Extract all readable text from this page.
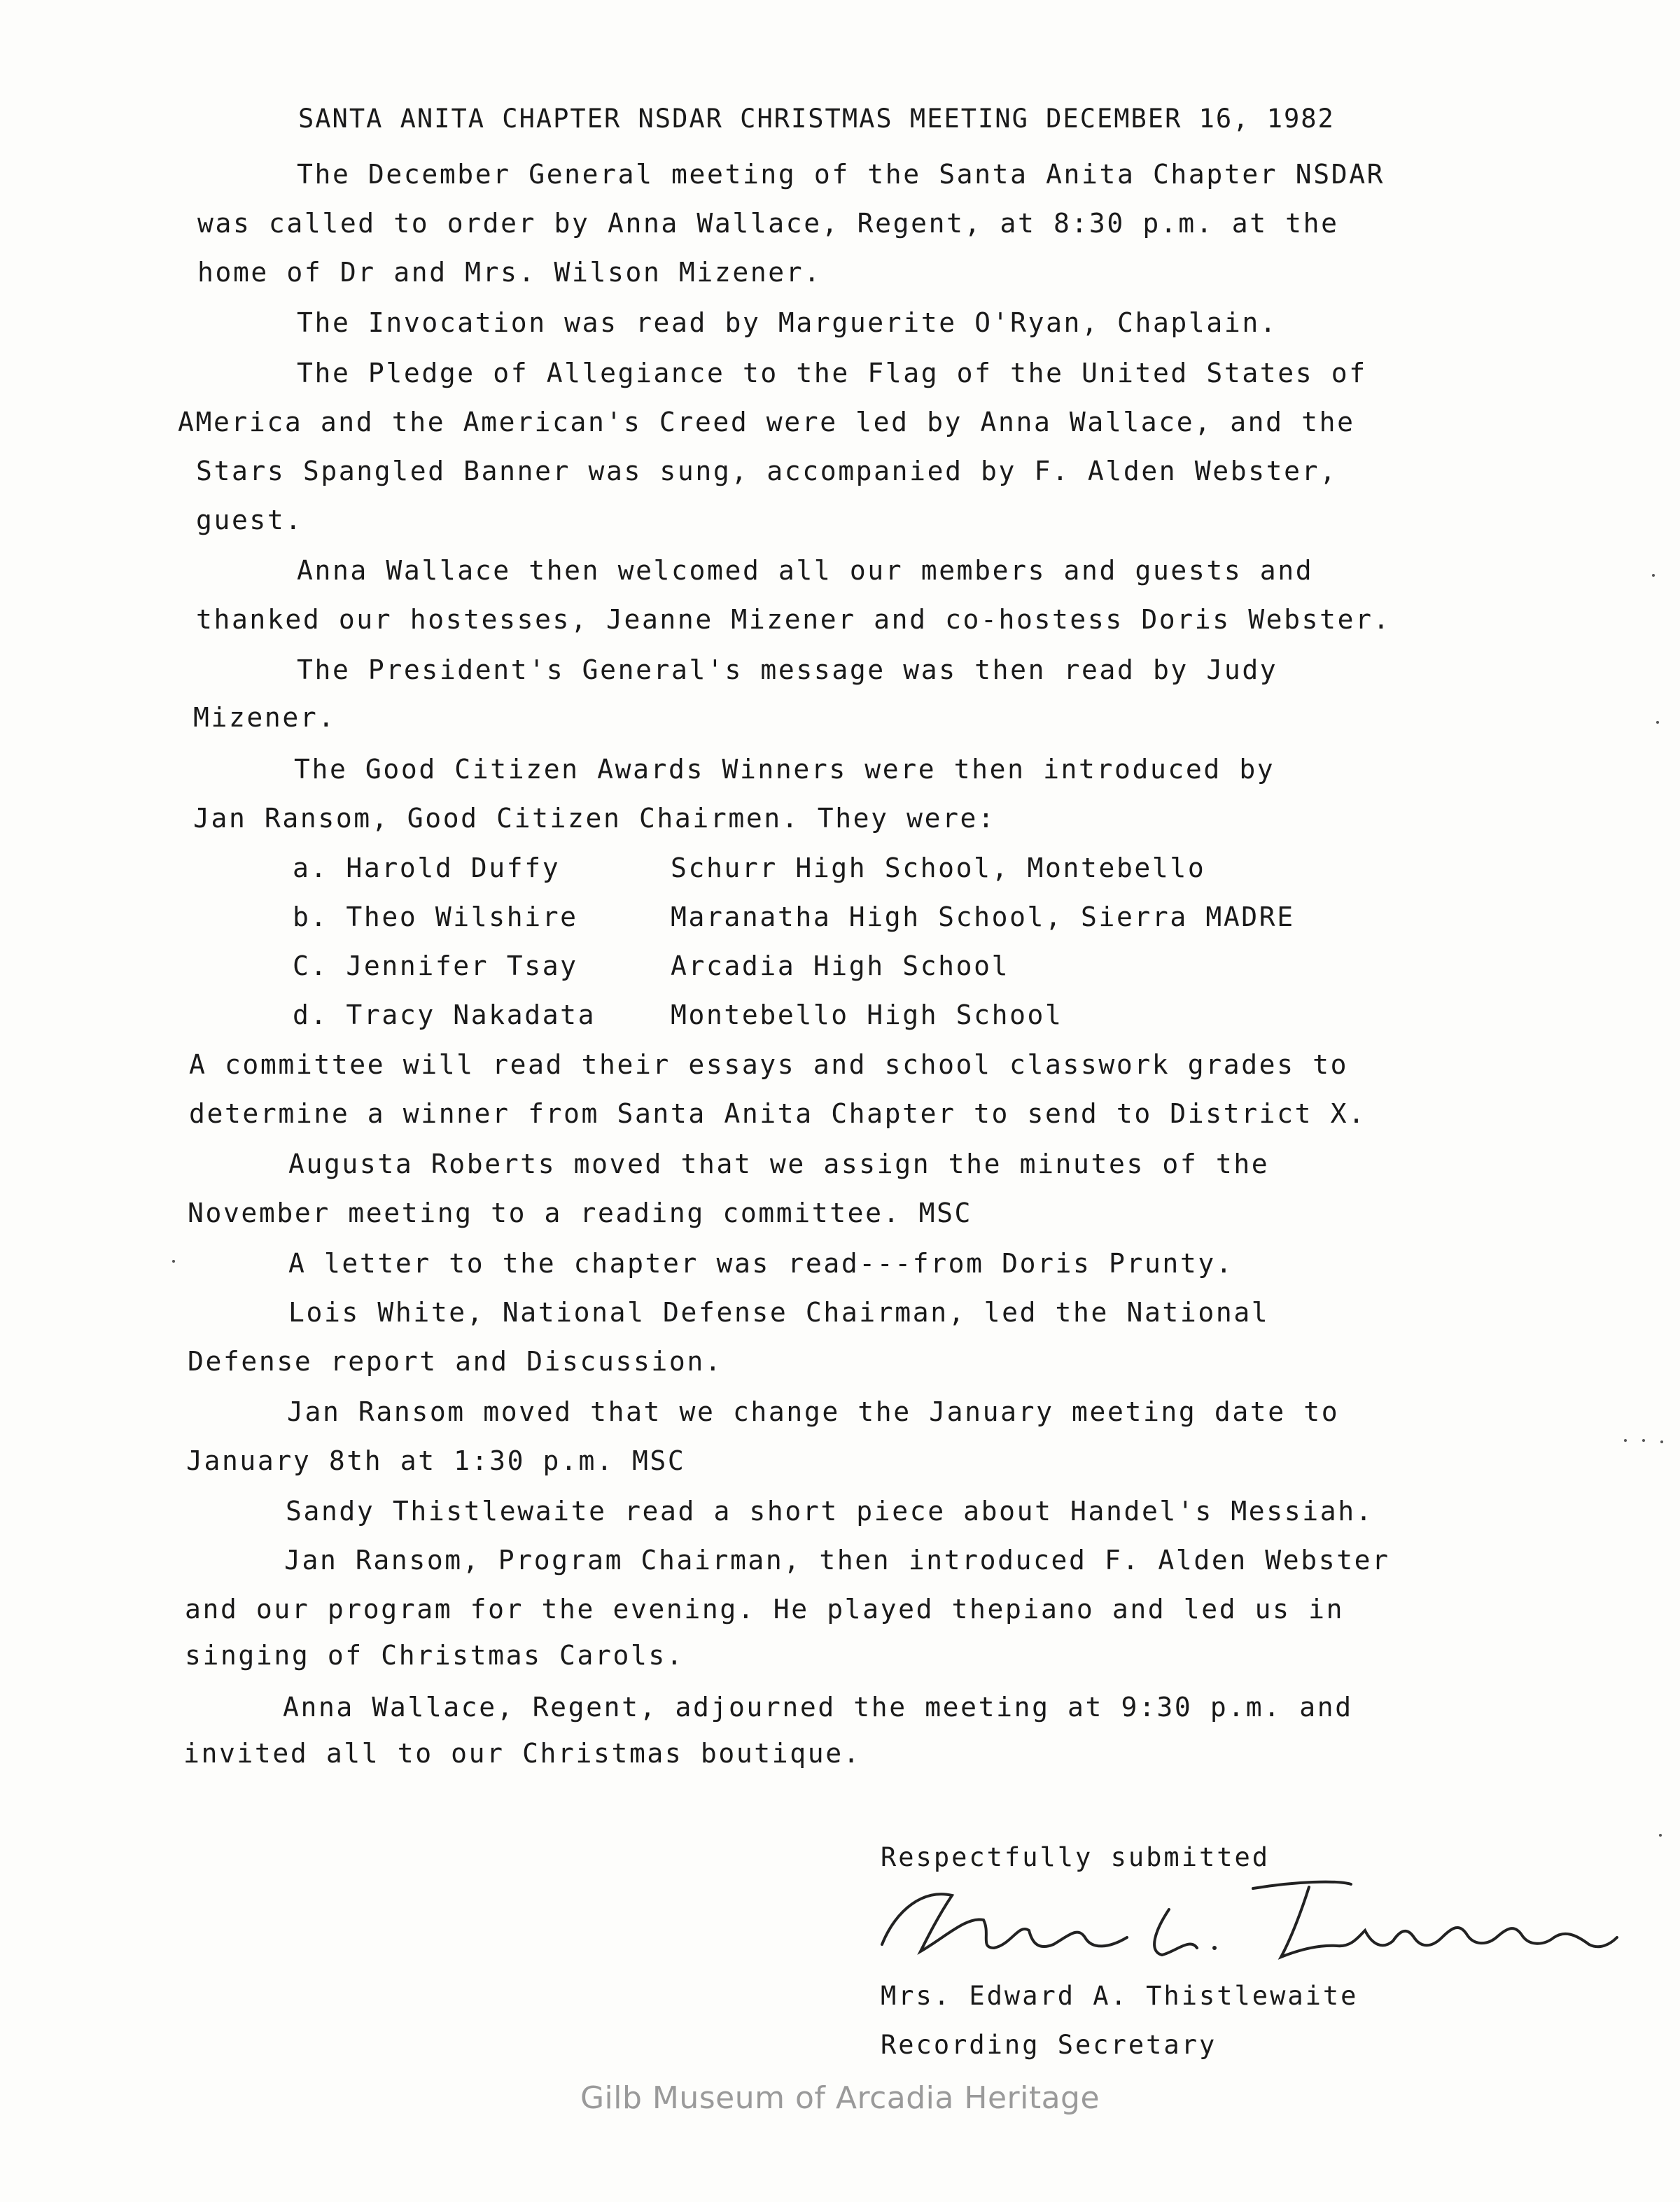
SANTA ANITA CHAPTER NSDAR CHRISTMAS MEETING DECEMBER 16, 1982
The December General meeting of the Santa Anita Chapter NSDAR
was called to order by Anna Wallace, Regent, at 8:30 p.m. at the
home of Dr and Mrs. Wilson Mizener.
The Invocation was read by Marguerite O'Ryan, Chaplain.
The Pledge of Allegiance to the Flag of the United States of
AMerica and the American's Creed were led by Anna Wallace, and the
Stars Spangled Banner was sung, accompanied by F. Alden Webster,
guest.
Anna Wallace then welcomed all our members and guests and
thanked our hostesses, Jeanne Mizener and co-hostess Doris Webster.
The President's General's message was then read by Judy
Mizener.
The Good Citizen Awards Winners were then introduced by
Jan Ransom, Good Citizen Chairmen. They were:
a. Harold Duffy	Schurr High School, Montebello
b. Theo Wilshire	Maranatha High School, Sierra MADRE
C. Jennifer Tsay	Arcadia High School
d. Tracy Nakadata	Montebello High School
A committee will read their essays and school classwork grades to
determine a winner from Santa Anita Chapter to send to District X.
Augusta Roberts moved that we assign the minutes of the
November meeting to a reading committee. MSC
A letter to the chapter was read---from Doris Prunty.
Lois White, National Defense Chairman, led the National
Defense report and Discussion.
Jan Ransom moved that we change the January meeting date to
January 8th at 1:30 p.m. MSC
Sandy Thistlewaite read a short piece about Handel's Messiah.
Jan Ransom, Program Chairman, then introduced F. Alden Webster
and our program for the evening. He played thepiano and led us in
singing of Christmas Carols.
Anna Wallace, Regent, adjourned the meeting at 9:30 p.m. and
invited all to our Christmas boutique.
Respectfully submitted
Mrs. Edward A. Thistlewaite
Recording Secretary
Gilb Museum of Arcadia Heritage
